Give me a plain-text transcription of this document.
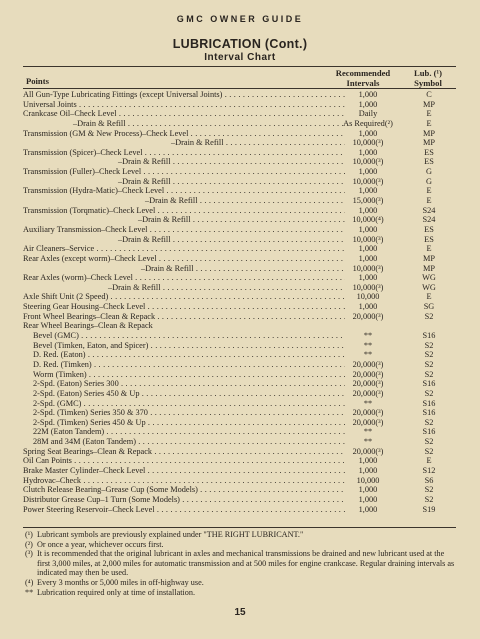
GMC OWNER GUIDE
LUBRICATION (Cont.)
Interval Chart
Points
Recommended
Intervals
Lub. (¹)
Symbol
All Gun-Type Lubricating Fittings (except Universal Joints) . . .	1,000	C
Universal Joints . . .	1,000	MP
Crankcase Oil–Check Level . . .	Daily	E
–Drain & Refill . . .	As Required(²)	E
Transmission (GM & New Process)–Check Level . . .	1,000	MP
–Drain & Refill . . .	10,000(³)	MP
Transmission (Spicer)–Check Level . . .	1,000	ES
–Drain & Refill . . .	10,000(³)	ES
Transmission (Fuller)–Check Level . . .	1,000	G
–Drain & Refill . . .	10,000(³)	G
Transmission (Hydra-Matic)–Check Level . . .	1,000	E
–Drain & Refill . . .	15,000(³)	E
Transmission (Torqmatic)–Check Level . . .	1,000	S24
–Drain & Refill . . .	10,000(⁴)	S24
Auxiliary Transmission–Check Level . . .	1,000	ES
–Drain & Refill . . .	10,000(³)	ES
Air Cleaners–Service . . .	1,000	E
Rear Axles (except worm)–Check Level . . .	1,000	MP
–Drain & Refill . . .	10,000(³)	MP
Rear Axles (worm)–Check Level . . .	1,000	WG
–Drain & Refill . . .	10,000(³)	WG
Axle Shift Unit (2 Speed) . . .	10,000	E
Steering Gear Housing–Check Level . . .	1,000	SG
Front Wheel Bearings–Clean & Repack . . .	20,000(³)	S2
Rear Wheel Bearings–Clean & Repack
Bevel (GMC) . . .	**	S16
Bevel (Timken, Eaton, and Spicer) . . .	**	S2
D. Red. (Eaton) . . .	**	S2
D. Red. (Timken) . . .	20,000(³)	S2
Worm (Timken) . . .	20,000(³)	S2
2-Spd. (Eaton) Series 300 . . .	20,000(³)	S16
2-Spd. (Eaton) Series 450 & Up . . .	20,000(³)	S2
2-Spd. (GMC) . . .	**	S16
2-Spd. (Timken) Series 350 & 370 . . .	20,000(³)	S16
2-Spd. (Timken) Series 450 & Up . . .	20,000(³)	S2
22M (Eaton Tandem) . . .	**	S16
28M and 34M (Eaton Tandem) . . .	**	S2
Spring Seat Bearings–Clean & Repack . . .	20,000(³)	S2
Oil Can Points . . .	1,000	E
Brake Master Cylinder–Check Level . . .	1,000	S12
Hydrovac–Check . . .	10,000	S6
Clutch Release Bearing–Grease Cup (Some Models) . . .	1,000	S2
Distributor Grease Cup–1 Turn (Some Models) . . .	1,000	S2
Power Steering Reservoir–Check Level . . .	1,000	S19
(¹) Lubricant symbols are previously explained under "THE RIGHT LUBRICANT."
(²) Or once a year, whichever occurs first.
(³) It is recommended that the original lubricant in axles and mechanical transmissions be drained and new lubricant used at the first 3,000 miles, at 2,000 miles for automatic transmission and at 500 miles for engine crankcase. Regular draining intervals as indicated may then be used.
(⁴) Every 3 months or 5,000 miles in off-highway use.
** Lubrication required only at time of installation.
15
